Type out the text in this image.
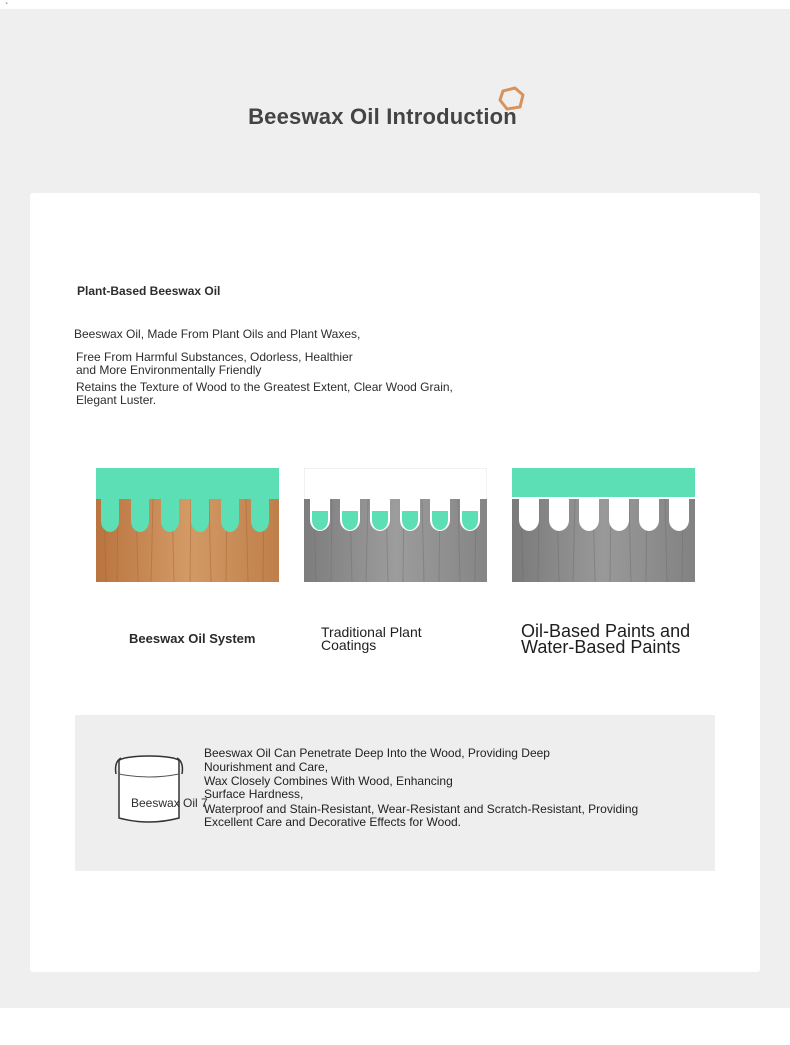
`
Beeswax Oil Introduction
Plant-Based Beeswax Oil
Beeswax Oil, Made From Plant Oils and Plant Waxes,
Free From Harmful Substances, Odorless, Healthier
and More Environmentally Friendly
Retains the Texture of Wood to the Greatest Extent, Clear Wood Grain,
Elegant Luster.
Beeswax Oil System	Traditional Plant
Coatings
Oil-Based Paints and
Water-Based Paints
Beeswax Oil 7
Beeswax Oil Can Penetrate Deep Into the Wood, Providing Deep
Nourishment and Care,
Wax Closely Combines With Wood, Enhancing
Surface Hardness,
Waterproof and Stain-Resistant, Wear-Resistant and Scratch-Resistant, Providing
Excellent Care and Decorative Effects for Wood.
